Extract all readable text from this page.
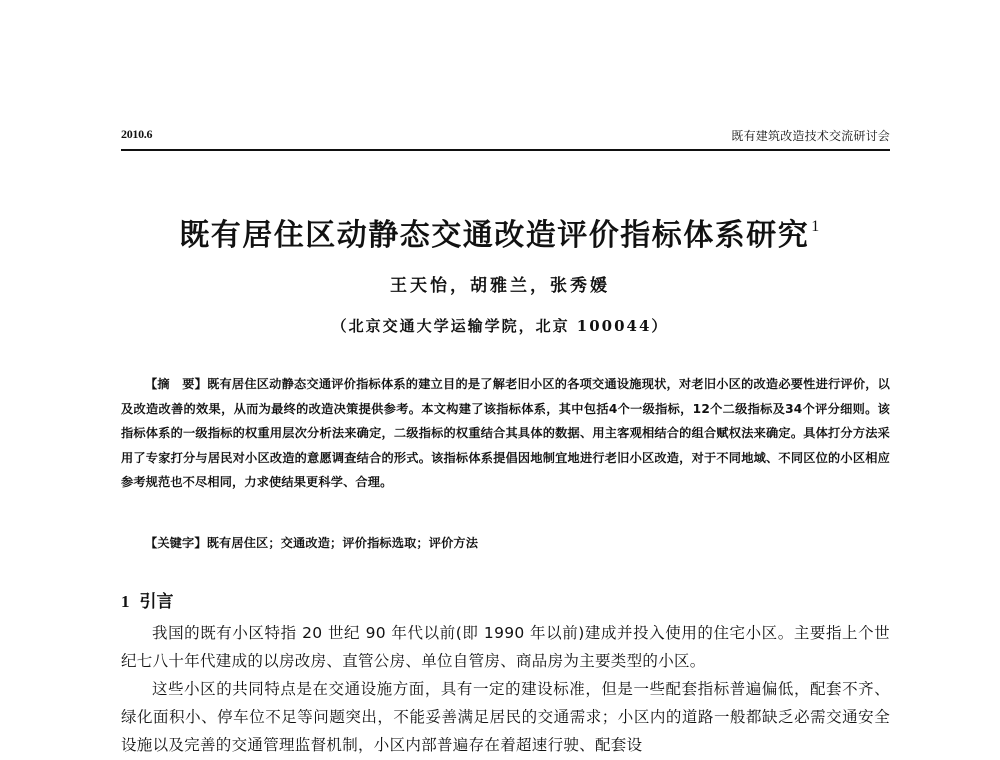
2010.6	既有建筑改造技术交流研讨会
既有居住区动静态交通改造评价指标体系研究 $^1$
王天怡，胡雅兰，张秀媛
（北京交通大学运输学院，北京 100044）
【摘　要】既有居住区动静态交通评价指标体系的建立目的是了解老旧小区的各项交通设施现状，对老旧小区的改造必要性进行评价，以及改造改善的效果，从而为最终的改造决策提供参考。本文构建了该指标体系，其中包括4个一级指标，12个二级指标及34个评分细则。该指标体系的一级指标的权重用层次分析法来确定，二级指标的权重结合其具体的数据、用主客观相结合的组合赋权法来确定。具体打分方法采用了专家打分与居民对小区改造的意愿调查结合的形式。该指标体系提倡因地制宜地进行老旧小区改造，对于不同地域、不同区位的小区相应参考规范也不尽相同，力求使结果更科学、合理。
【关键字】既有居住区；交通改造；评价指标选取；评价方法
1 引言

我国的既有小区特指 20 世纪 90 年代以前(即 1990 年以前)建成并投入使用的住宅小区。主要指上个世纪七八十年代建成的以房改房、直管公房、单位自管房、商品房为主要类型的小区。

这些小区的共同特点是在交通设施方面，具有一定的建设标准，但是一些配套指标普遍偏低，配套不齐、绿化面积小、停车位不足等问题突出，不能妥善满足居民的交通需求；小区内的道路一般都缺乏必需交通安全设施以及完善的交通管理监督机制，小区内部普遍存在着超速行驶、配套设
